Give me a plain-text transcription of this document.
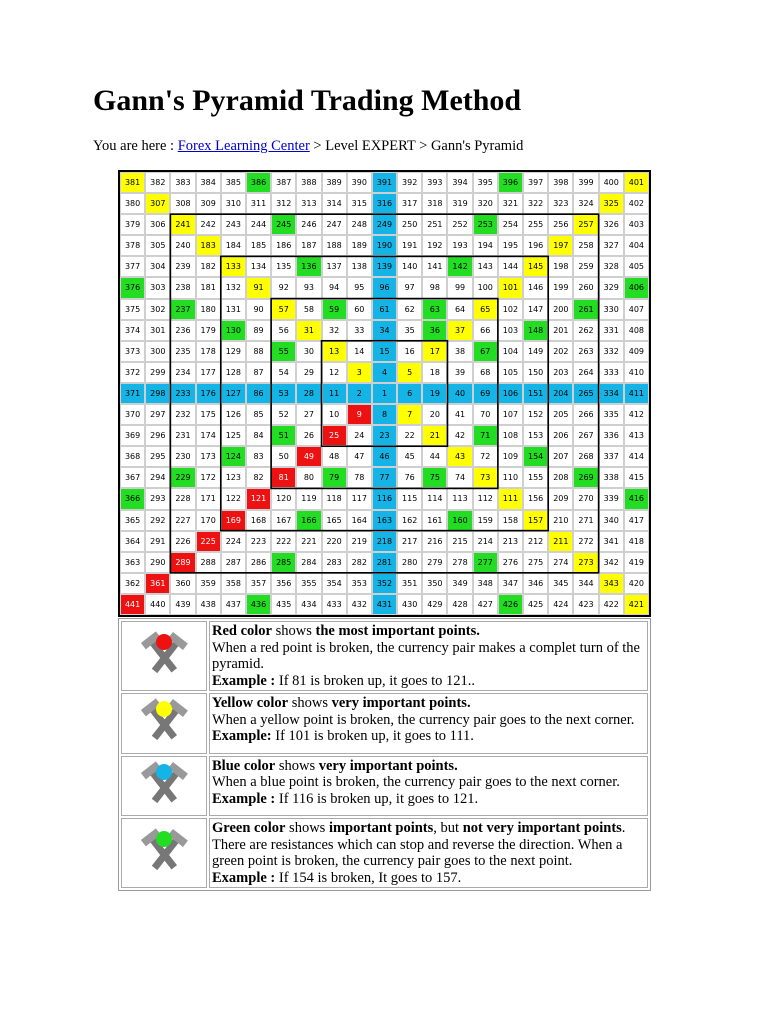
Gann's Pyramid Trading Method
You are here : Forex Learning Center > Level EXPERT > Gann's Pyramid
381	382	383	384	385	386	387	388	389	390	391	392	393	394	395	396	397	398	399	400	401
380	307	308	309	310	311	312	313	314	315	316	317	318	319	320	321	322	323	324	325	402
379	306	241	242	243	244	245	246	247	248	249	250	251	252	253	254	255	256	257	326	403
378	305	240	183	184	185	186	187	188	189	190	191	192	193	194	195	196	197	258	327	404
377	304	239	182	133	134	135	136	137	138	139	140	141	142	143	144	145	198	259	328	405
376	303	238	181	132	91	92	93	94	95	96	97	98	99	100	101	146	199	260	329	406
375	302	237	180	131	90	57	58	59	60	61	62	63	64	65	102	147	200	261	330	407
374	301	236	179	130	89	56	31	32	33	34	35	36	37	66	103	148	201	262	331	408
373	300	235	178	129	88	55	30	13	14	15	16	17	38	67	104	149	202	263	332	409
372	299	234	177	128	87	54	29	12	3	4	5	18	39	68	105	150	203	264	333	410
371	298	233	176	127	86	53	28	11	2	1	6	19	40	69	106	151	204	265	334	411
370	297	232	175	126	85	52	27	10	9	8	7	20	41	70	107	152	205	266	335	412
369	296	231	174	125	84	51	26	25	24	23	22	21	42	71	108	153	206	267	336	413
368	295	230	173	124	83	50	49	48	47	46	45	44	43	72	109	154	207	268	337	414
367	294	229	172	123	82	81	80	79	78	77	76	75	74	73	110	155	208	269	338	415
366	293	228	171	122	121	120	119	118	117	116	115	114	113	112	111	156	209	270	339	416
365	292	227	170	169	168	167	166	165	164	163	162	161	160	159	158	157	210	271	340	417
364	291	226	225	224	223	222	221	220	219	218	217	216	215	214	213	212	211	272	341	418
363	290	289	288	287	286	285	284	283	282	281	280	279	278	277	276	275	274	273	342	419
362	361	360	359	358	357	356	355	354	353	352	351	350	349	348	347	346	345	344	343	420
441	440	439	438	437	436	435	434	433	432	431	430	429	428	427	426	425	424	423	422	421

Red color shows the most important points.

When a red point is broken, the currency pair makes a complet turn of the pyramid.

Example : If 81 is broken up, it goes to 121..

Yellow color shows very important points.

When a yellow point is broken, the currency pair goes to the next corner.

Example: If 101 is broken up, it goes to 111.

Blue color shows very important points.

When a blue point is broken, the currency pair goes to the next corner.

Example : If 116 is broken up, it goes to 121.

Green color shows important points, but not very important points.

There are resistances which can stop and reverse the direction. When a green point is broken, the currency pair goes to the next point.

Example : If 154 is broken, It goes to 157.
